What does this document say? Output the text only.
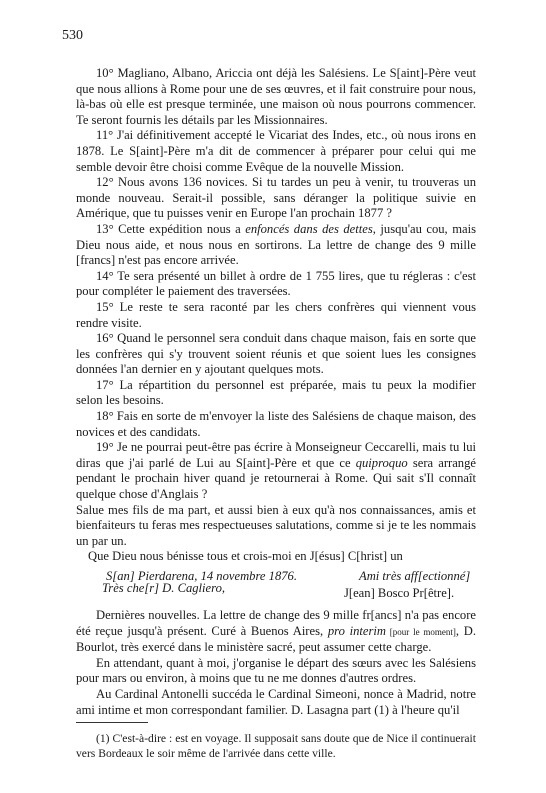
530

10° Magliano, Albano, Ariccia ont déjà les Salésiens. Le S[aint]-Père veut que nous allions à Rome pour une de ses œuvres, et il fait construire pour nous, là-bas où elle est presque terminée, une maison où nous pourrons commencer. Te seront fournis les détails par les Missionnaires.

11° J'ai définitivement accepté le Vicariat des Indes, etc., où nous irons en 1878. Le S[aint]-Père m'a dit de commencer à préparer pour celui qui me semble devoir être choisi comme Evêque de la nouvelle Mission.

12° Nous avons 136 novices. Si tu tardes un peu à venir, tu trouveras un monde nouveau. Serait-il possible, sans déranger la politique suivie en Amérique, que tu puisses venir en Europe l'an prochain 1877 ?

13° Cette expédition nous a enfoncés dans des dettes, jusqu'au cou, mais Dieu nous aide, et nous nous en sortirons. La lettre de change des 9 mille [francs] n'est pas encore arrivée.

14° Te sera présenté un billet à ordre de 1 755 lires, que tu régleras : c'est pour compléter le paiement des traversées.

15° Le reste te sera raconté par les chers confrères qui viennent vous rendre visite.

16° Quand le personnel sera conduit dans chaque maison, fais en sorte que les confrères qui s'y trouvent soient réunis et que soient lues les consignes données l'an dernier en y ajoutant quelques mots.

17° La répartition du personnel est préparée, mais tu peux la modifier selon les besoins.

18° Fais en sorte de m'envoyer la liste des Salésiens de chaque maison, des novices et des candidats.

19° Je ne pourrai peut-être pas écrire à Monseigneur Ceccarelli, mais tu lui diras que j'ai parlé de Lui au S[aint]-Père et que ce quiproquo sera arrangé pendant le prochain hiver quand je retournerai à Rome. Qui sait s'Il connaît quelque chose d'Anglais ?

Salue mes fils de ma part, et aussi bien à eux qu'à nos connaissances, amis et bienfaiteurs tu feras mes respectueuses salutations, comme si je te les nommais un par un.

Que Dieu nous bénisse tous et crois-moi en J[ésus] C[hrist] un

S[an] Pierdarena, 14 novembre 1876.	Ami très aff[ectionné]
J[ean] Bosco Pr[être].
Très che[r] D. Cagliero,

Dernières nouvelles. La lettre de change des 9 mille fr[ancs] n'a pas encore été reçue jusqu'à présent. Curé à Buenos Aires, pro interim [pour le moment], D. Bourlot, très exercé dans le ministère sacré, peut assumer cette charge.

En attendant, quant à moi, j'organise le départ des sœurs avec les Salésiens pour mars ou environ, à moins que tu ne me donnes d'autres ordres.

Au Cardinal Antonelli succéda le Cardinal Simeoni, nonce à Madrid, notre ami intime et mon correspondant familier. D. Lasagna part (1) à l'heure qu'il

(1) C'est-à-dire : est en voyage. Il supposait sans doute que de Nice il continuerait vers Bordeaux le soir même de l'arrivée dans cette ville.
